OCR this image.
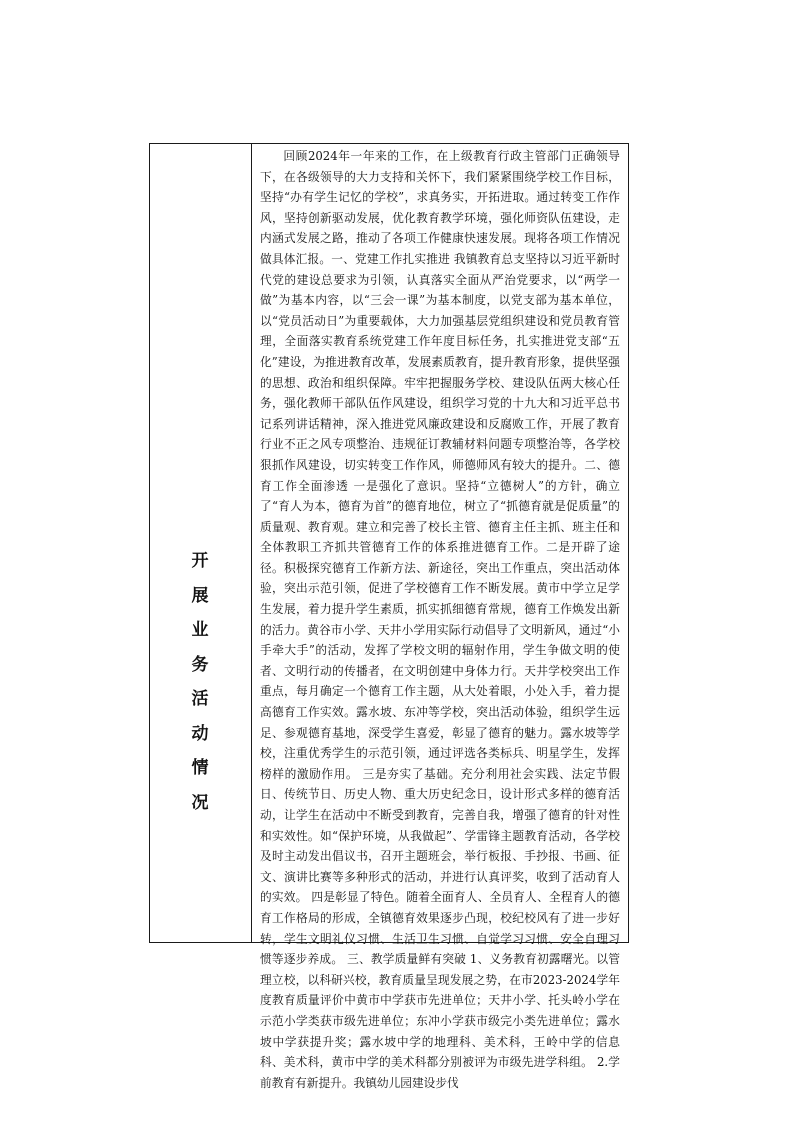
开
展
业
务
活
动
情
况

回顾2024年一年来的工作，在上级教育行政主管部门正确领导下，在各级领导的大力支持和关怀下，我们紧紧围绕学校工作目标，坚持“办有学生记忆的学校”，求真务实，开拓进取。通过转变工作作风，坚持创新驱动发展，优化教育教学环境，强化师资队伍建设，走内涵式发展之路，推动了各项工作健康快速发展。现将各项工作情况做具体汇报。一、党建工作扎实推进 我镇教育总支坚持以习近平新时代党的建设总要求为引领，认真落实全面从严治党要求，以“两学一做”为基本内容，以“三会一课”为基本制度，以党支部为基本单位，以“党员活动日”为重要载体，大力加强基层党组织建设和党员教育管理，全面落实教育系统党建工作年度目标任务，扎实推进党支部“五化”建设，为推进教育改革，发展素质教育，提升教育形象，提供坚强的思想、政治和组织保障。牢牢把握服务学校、建设队伍两大核心任务，强化教师干部队伍作风建设，组织学习党的十九大和习近平总书记系列讲话精神，深入推进党风廉政建设和反腐败工作，开展了教育行业不正之风专项整治、违规征订教辅材料问题专项整治等，各学校狠抓作风建设，切实转变工作作风，师德师风有较大的提升。二、德育工作全面渗透 一是强化了意识。坚持“立德树人”的方针，确立了“育人为本，德育为首”的德育地位，树立了“抓德育就是促质量”的质量观、教育观。建立和完善了校长主管、德育主任主抓、班主任和全体教职工齐抓共管德育工作的体系推进德育工作。二是开辟了途径。积极探究德育工作新方法、新途径，突出工作重点，突出活动体验，突出示范引领，促进了学校德育工作不断发展。黄市中学立足学生发展，着力提升学生素质，抓实抓细德育常规，德育工作焕发出新的活力。黄谷市小学、天井小学用实际行动倡导了文明新风，通过“小手牵大手”的活动，发挥了学校文明的辐射作用，学生争做文明的使者、文明行动的传播者，在文明创建中身体力行。天井学校突出工作重点，每月确定一个德育工作主题，从大处着眼，小处入手，着力提高德育工作实效。露水坡、东冲等学校，突出活动体验，组织学生远足、参观德育基地，深受学生喜爱，彰显了德育的魅力。露水坡等学校，注重优秀学生的示范引领，通过评选各类标兵、明星学生，发挥榜样的激励作用。 三是夯实了基础。充分利用社会实践、法定节假日、传统节日、历史人物、重大历史纪念日，设计形式多样的德育活动，让学生在活动中不断受到教育，完善自我，增强了德育的针对性和实效性。如“保护环境，从我做起”、学雷锋主题教育活动，各学校及时主动发出倡议书，召开主题班会，举行板报、手抄报、书画、征文、演讲比赛等多种形式的活动，并进行认真评奖，收到了活动育人的实效。 四是彰显了特色。随着全面育人、全员育人、全程育人的德育工作格局的形成，全镇德育效果逐步凸现，校纪校风有了进一步好转，学生文明礼仪习惯、生活卫生习惯、自觉学习习惯、安全自理习惯等逐步养成。 三、教学质量鲜有突破 1、义务教育初露曙光。以管理立校，以科研兴校，教育质量呈现发展之势，在市2023-2024学年度教育质量评价中黄市中学获市先进单位；天井小学、托头岭小学在示范小学类获市级先进单位；东冲小学获市级完小类先进单位；露水坡中学获提升奖；露水坡中学的地理科、美术科，王岭中学的信息科、美术科，黄市中学的美术科都分别被评为市级先进学科组。 2.学前教育有新提升。我镇幼儿园建设步伐
